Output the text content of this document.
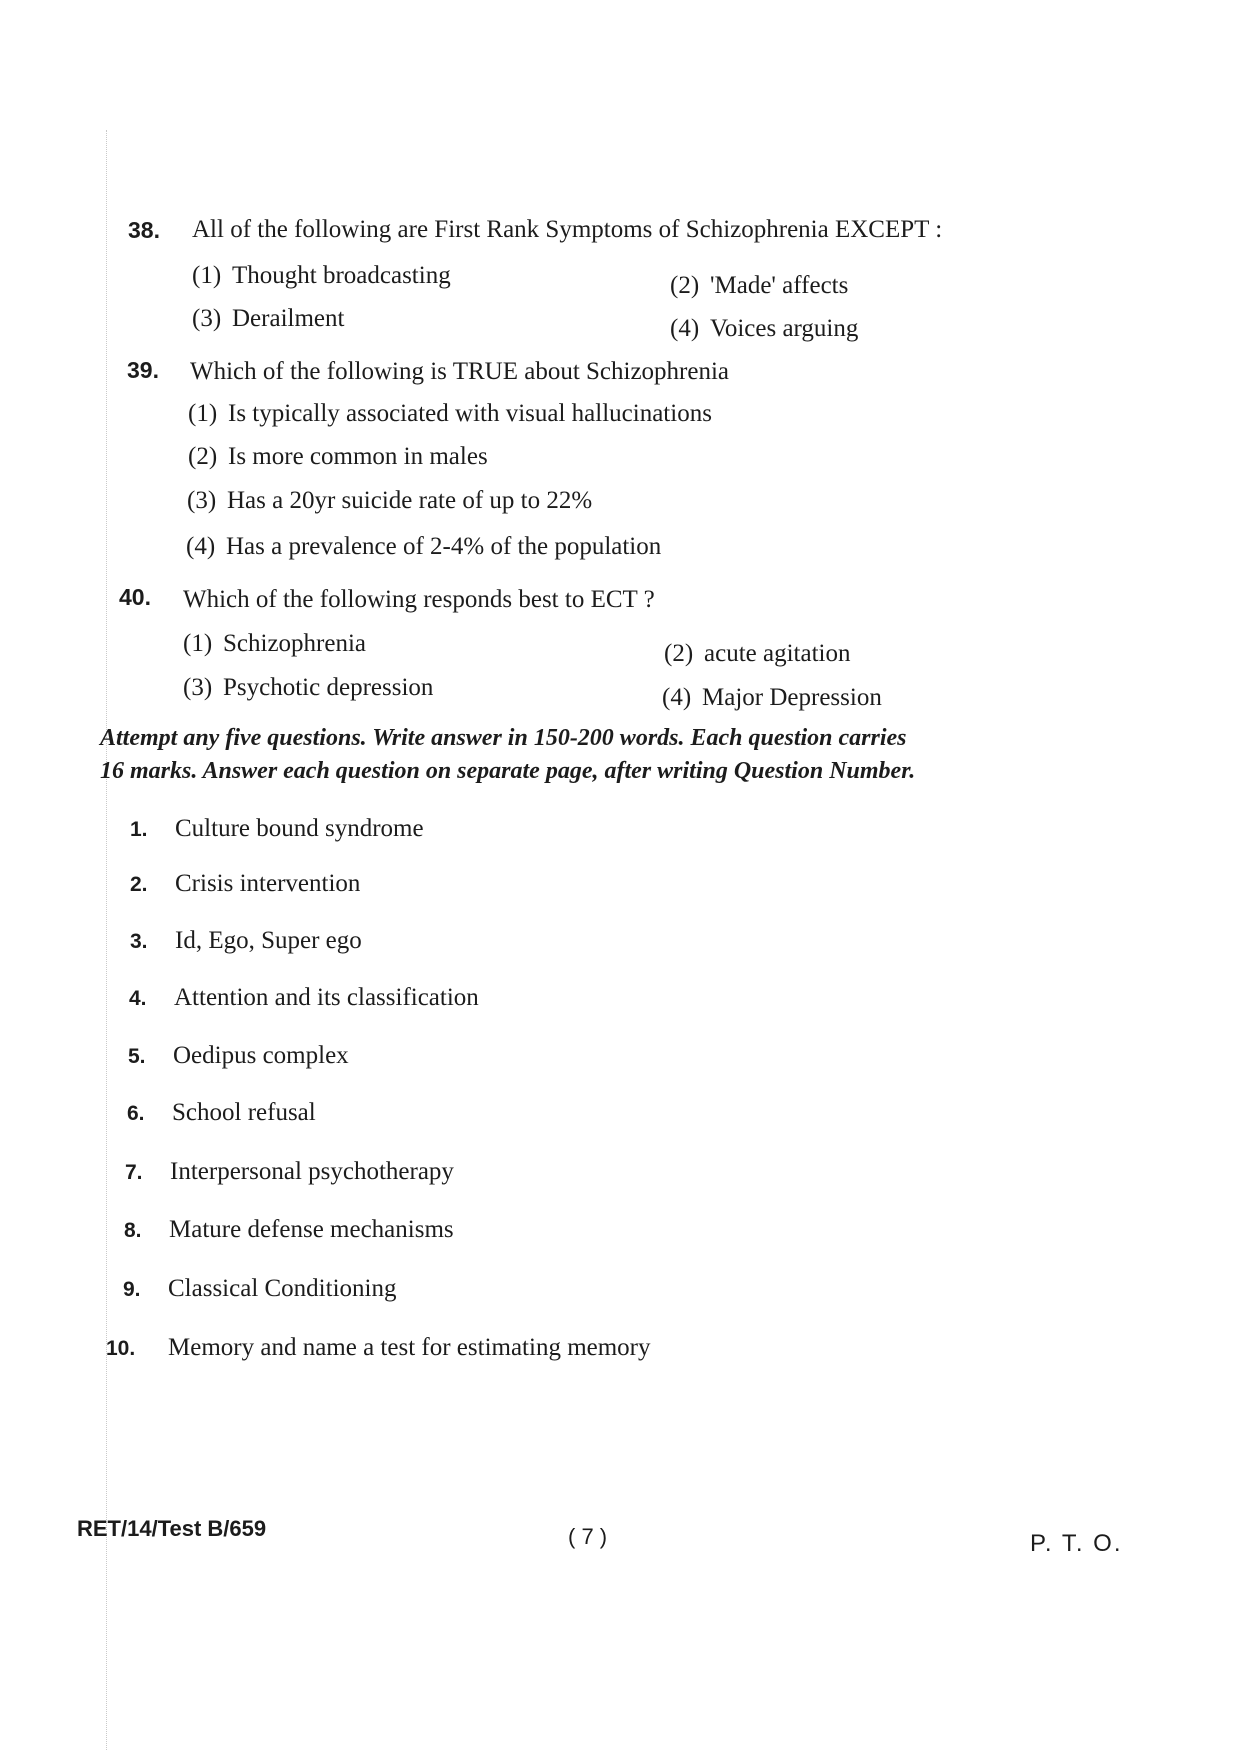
38. All of the following are First Rank Symptoms of Schizophrenia EXCEPT :
(1) Thought broadcasting	(2) 'Made' affects
(3) Derailment	(4) Voices arguing
39. Which of the following is TRUE about Schizophrenia
(1) Is typically associated with visual hallucinations
(2) Is more common in males
(3) Has a 20yr suicide rate of up to 22%
(4) Has a prevalence of 2-4% of the population
40. Which of the following responds best to ECT ?
(1) Schizophrenia	(2) acute agitation
(3) Psychotic depression	(4) Major Depression
Attempt any five questions. Write answer in 150-200 words. Each question carries
16 marks. Answer each question on separate page, after writing Question Number.
1. Culture bound syndrome
2. Crisis intervention
3. Id, Ego, Super ego
4. Attention and its classification
5. Oedipus complex
6. School refusal
7. Interpersonal psychotherapy
8. Mature defense mechanisms
9. Classical Conditioning
10. Memory and name a test for estimating memory
RET/14/Test B/659	( 7 )	P. T. O.
